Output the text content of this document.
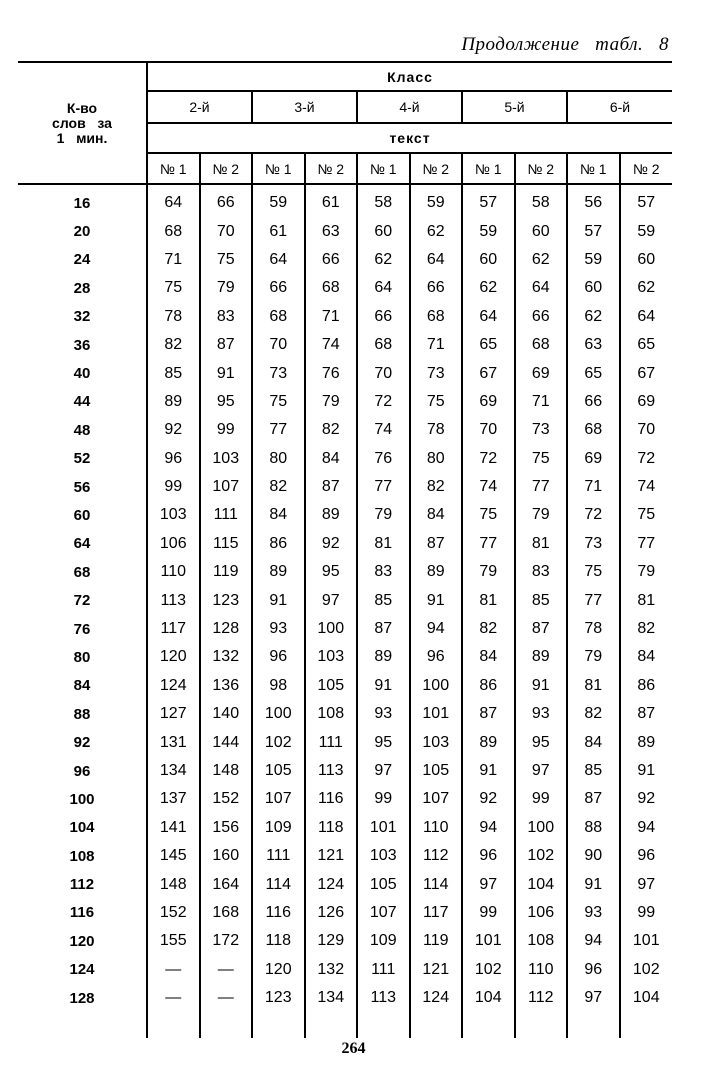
Продолжение   табл.   8
К-во
слов   за
1   мин.	Класс									
	2-й		3-й		4-й		5-й		6-й	
	текст									
	№ 1	№ 2	№ 1	№ 2	№ 1	№ 2	№ 1	№ 2	№ 1	№ 2
16	64	66	59	61	58	59	57	58	56	57
20	68	70	61	63	60	62	59	60	57	59
24	71	75	64	66	62	64	60	62	59	60
28	75	79	66	68	64	66	62	64	60	62
32	78	83	68	71	66	68	64	66	62	64
36	82	87	70	74	68	71	65	68	63	65
40	85	91	73	76	70	73	67	69	65	67
44	89	95	75	79	72	75	69	71	66	69
48	92	99	77	82	74	78	70	73	68	70
52	96	103	80	84	76	80	72	75	69	72
56	99	107	82	87	77	82	74	77	71	74
60	103	111	84	89	79	84	75	79	72	75
64	106	115	86	92	81	87	77	81	73	77
68	110	119	89	95	83	89	79	83	75	79
72	113	123	91	97	85	91	81	85	77	81
76	117	128	93	100	87	94	82	87	78	82
80	120	132	96	103	89	96	84	89	79	84
84	124	136	98	105	91	100	86	91	81	86
88	127	140	100	108	93	101	87	93	82	87
92	131	144	102	111	95	103	89	95	84	89
96	134	148	105	113	97	105	91	97	85	91
100	137	152	107	116	99	107	92	99	87	92
104	141	156	109	118	101	110	94	100	88	94
108	145	160	111	121	103	112	96	102	90	96
112	148	164	114	124	105	114	97	104	91	97
116	152	168	116	126	107	117	99	106	93	99
120	155	172	118	129	109	119	101	108	94	101
124	—	—	120	132	111	121	102	110	96	102
128	—	—	123	134	113	124	104	112	97	104

264
